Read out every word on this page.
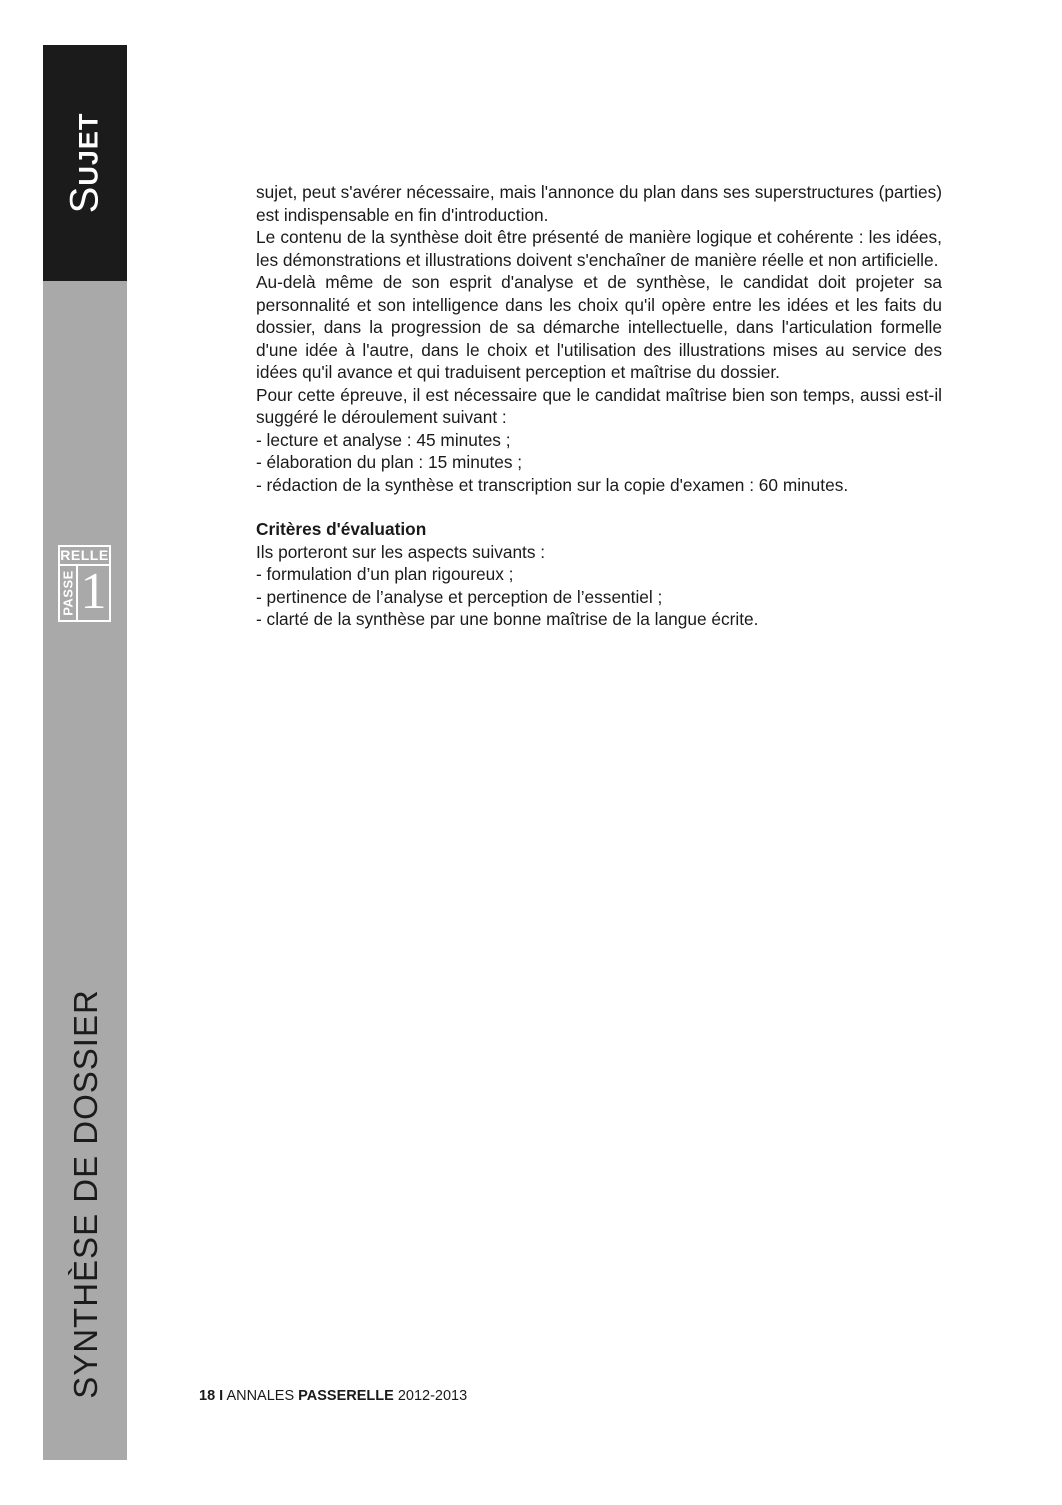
SUJET
SYNTHÈSE DE DOSSIER
RELLE
PASSE 1

sujet, peut s'avérer nécessaire, mais l'annonce du plan dans ses superstructures (parties) est indispensable en fin d'introduction.

Le contenu de la synthèse doit être présenté de manière logique et cohérente : les idées, les démonstrations et illustrations doivent s'enchaîner de manière réelle et non artificielle.

Au-delà même de son esprit d'analyse et de synthèse, le candidat doit projeter sa personnalité et son intelligence dans les choix qu'il opère entre les idées et les faits du dossier, dans la progression de sa démarche intellectuelle, dans l'articulation formelle d'une idée à l'autre, dans le choix et l'utilisation des illustrations mises au service des idées qu'il avance et qui traduisent perception et maîtrise du dossier.

Pour cette épreuve, il est nécessaire que le candidat maîtrise bien son temps, aussi est-il suggéré le déroulement suivant :

- lecture et analyse : 45 minutes ;
- élaboration du plan : 15 minutes ;
- rédaction de la synthèse et transcription sur la copie d'examen : 60 minutes.
Critères d'évaluation
Ils porteront sur les aspects suivants :
- formulation d’un plan rigoureux ;
- pertinence de l’analyse et perception de l’essentiel ;
- clarté de la synthèse par une bonne maîtrise de la langue écrite.
18 I ANNALES PASSERELLE 2012-2013
